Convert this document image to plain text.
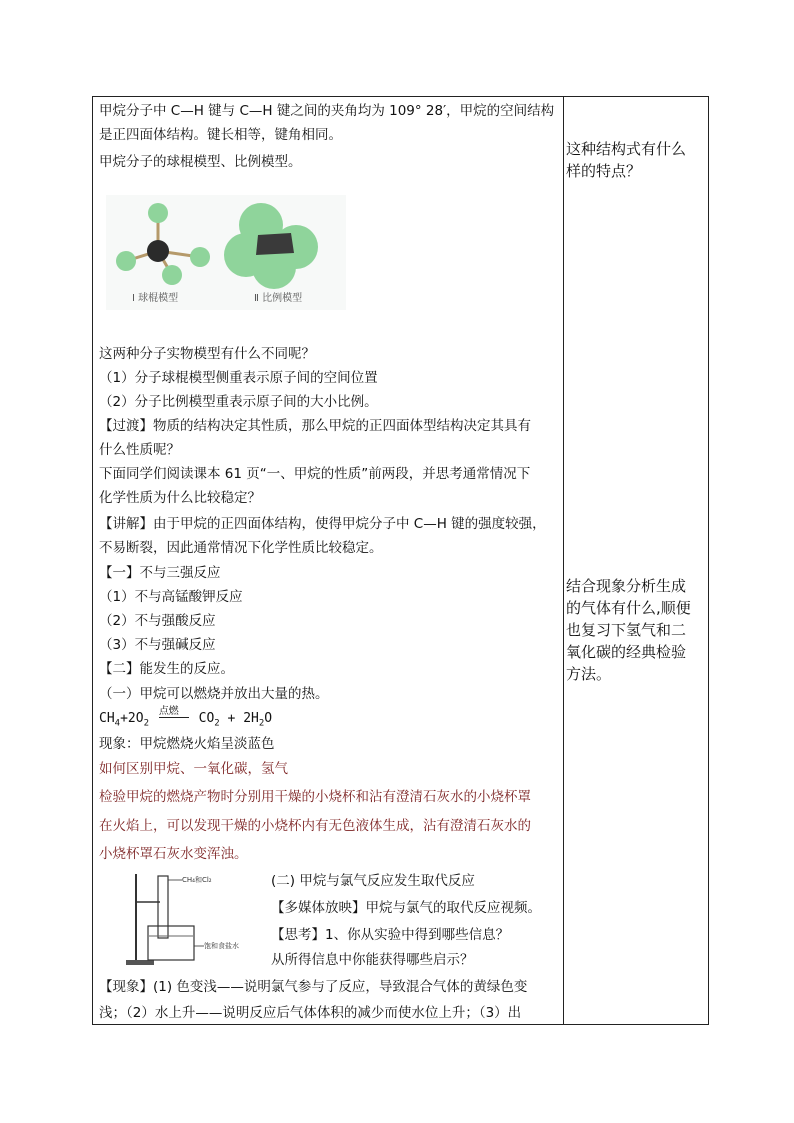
甲烷分子中 C—H 键与 C—H 键之间的夹角均为 109° 28′，甲烷的空间结构
是正四面体结构。键长相等，键角相同。
甲烷分子的球棍模型、比例模型。
这两种分子实物模型有什么不同呢？
（1）分子球棍模型侧重表示原子间的空间位置
（2）分子比例模型重表示原子间的大小比例。
【过渡】物质的结构决定其性质，那么甲烷的正四面体型结构决定其具有
什么性质呢？
下面同学们阅读课本 61 页“一、甲烷的性质”前两段，并思考通常情况下
化学性质为什么比较稳定？
【讲解】由于甲烷的正四面体结构，使得甲烷分子中 C—H 键的强度较强，
不易断裂，因此通常情况下化学性质比较稳定。
【一】不与三强反应
（1）不与高锰酸钾反应
（2）不与强酸反应
（3）不与强碱反应
【二】能发生的反应。
（一）甲烷可以燃烧并放出大量的热。
$CH_4+2O_2$
点燃 $CO_2 + 2H_2O$
现象：甲烷燃烧火焰呈淡蓝色
如何区别甲烷、一氧化碳，氢气
检验甲烷的燃烧产物时分别用干燥的小烧杯和沾有澄清石灰水的小烧杯罩
在火焰上，可以发现干燥的小烧杯内有无色液体生成，沾有澄清石灰水的
小烧杯罩石灰水变浑浊。
(二) 甲烷与氯气反应发生取代反应
【多媒体放映】甲烷与氯气的取代反应视频。
【思考】1、你从实验中得到哪些信息？
从所得信息中你能获得哪些启示？
【现象】(1) 色变浅——说明氯气参与了反应，导致混合气体的黄绿色变
浅；（2）水上升——说明反应后气体体积的减少而使水位上升；（3）出
Ⅰ 球棍模型	Ⅱ 比例模型
CH₄和Cl₂
饱和食盐水
这种结构式有什么
样的特点？
结合现象分析生成
的气体有什么,顺便
也复习下氢气和二
氧化碳的经典检验
方法。
